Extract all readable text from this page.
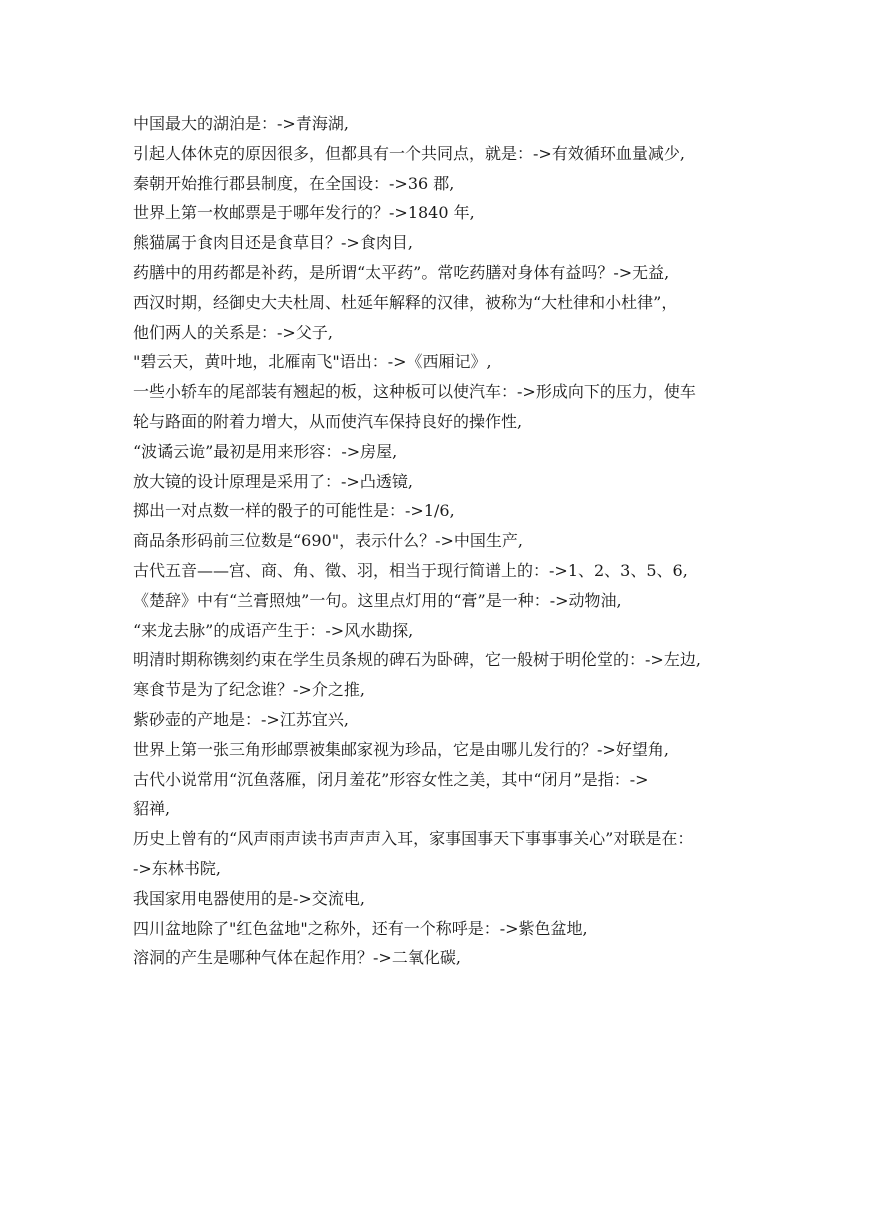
中国最大的湖泊是：->青海湖,
引起人体休克的原因很多，但都具有一个共同点，就是：->有效循环血量减少,
秦朝开始推行郡县制度，在全国设：->36 郡,
世界上第一枚邮票是于哪年发行的？->1840 年,
熊猫属于食肉目还是食草目？->食肉目,
药膳中的用药都是补药，是所谓“太平药”。常吃药膳对身体有益吗？->无益,
西汉时期，经御史大夫杜周、杜延年解释的汉律，被称为“大杜律和小杜律”，
他们两人的关系是：->父子,
"碧云天，黄叶地，北雁南飞"语出：->《西厢记》,
一些小轿车的尾部装有翘起的板，这种板可以使汽车：->形成向下的压力，使车
轮与路面的附着力增大，从而使汽车保持良好的操作性,
“波谲云诡”最初是用来形容：->房屋,
放大镜的设计原理是采用了：->凸透镜,
掷出一对点数一样的骰子的可能性是：->1/6,
商品条形码前三位数是“690"，表示什么？->中国生产,
古代五音——宫、商、角、徵、羽，相当于现行简谱上的：->1、2、3、5、6,
《楚辞》中有“兰膏照烛”一句。这里点灯用的“膏”是一种：->动物油,
“来龙去脉”的成语产生于：->风水勘探,
明清时期称镌刻约束在学生员条规的碑石为卧碑，它一般树于明伦堂的：->左边,
寒食节是为了纪念谁？->介之推,
紫砂壶的产地是：->江苏宜兴,
世界上第一张三角形邮票被集邮家视为珍品，它是由哪儿发行的？->好望角,
古代小说常用“沉鱼落雁，闭月羞花”形容女性之美，其中“闭月”是指：->
貂禅,
历史上曾有的“风声雨声读书声声声入耳，家事国事天下事事事关心”对联是在：
->东林书院,
我国家用电器使用的是->交流电,
四川盆地除了"红色盆地"之称外，还有一个称呼是：->紫色盆地,
溶洞的产生是哪种气体在起作用？->二氧化碳,
